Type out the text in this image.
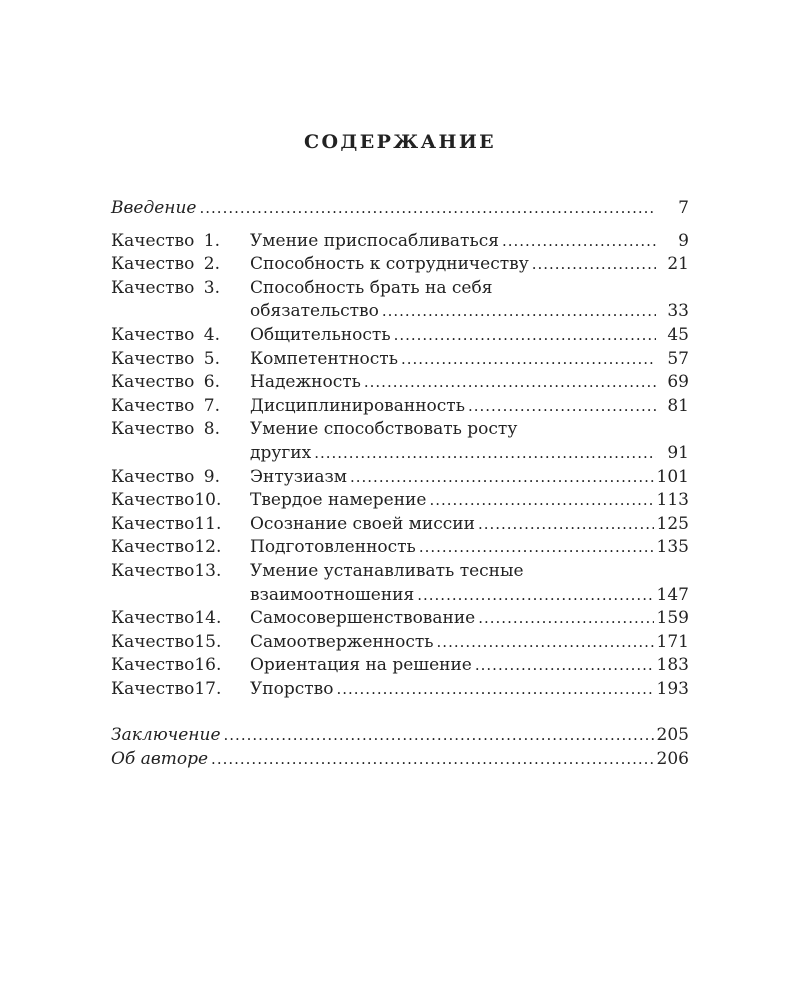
СОДЕРЖАНИЕ
Введение .....	7
Качество 1.	Умение приспосабливаться .....	9
Качество 2.	Способность к сотрудничеству .....	21
Качество 3.	Способность брать на себя
обязательство .....	33
Качество 4.	Общительность .....	45
Качество 5.	Компетентность .....	57
Качество 6.	Надежность .....	69
Качество 7.	Дисциплинированность .....	81
Качество 8.	Умение способствовать росту
других .....	91
Качество 9.	Энтузиазм .....	101
Качество 10.	Твердое намерение .....	113
Качество 11.	Осознание своей миссии .....	125
Качество 12.	Подготовленность .....	135
Качество 13.	Умение устанавливать тесные
взаимоотношения .....	147
Качество 14.	Самосовершенствование .....	159
Качество 15.	Самоотверженность .....	171
Качество 16.	Ориентация на решение .....	183
Качество 17.	Упорство .....	193
Заключение .....	205
Об авторе .....	206
